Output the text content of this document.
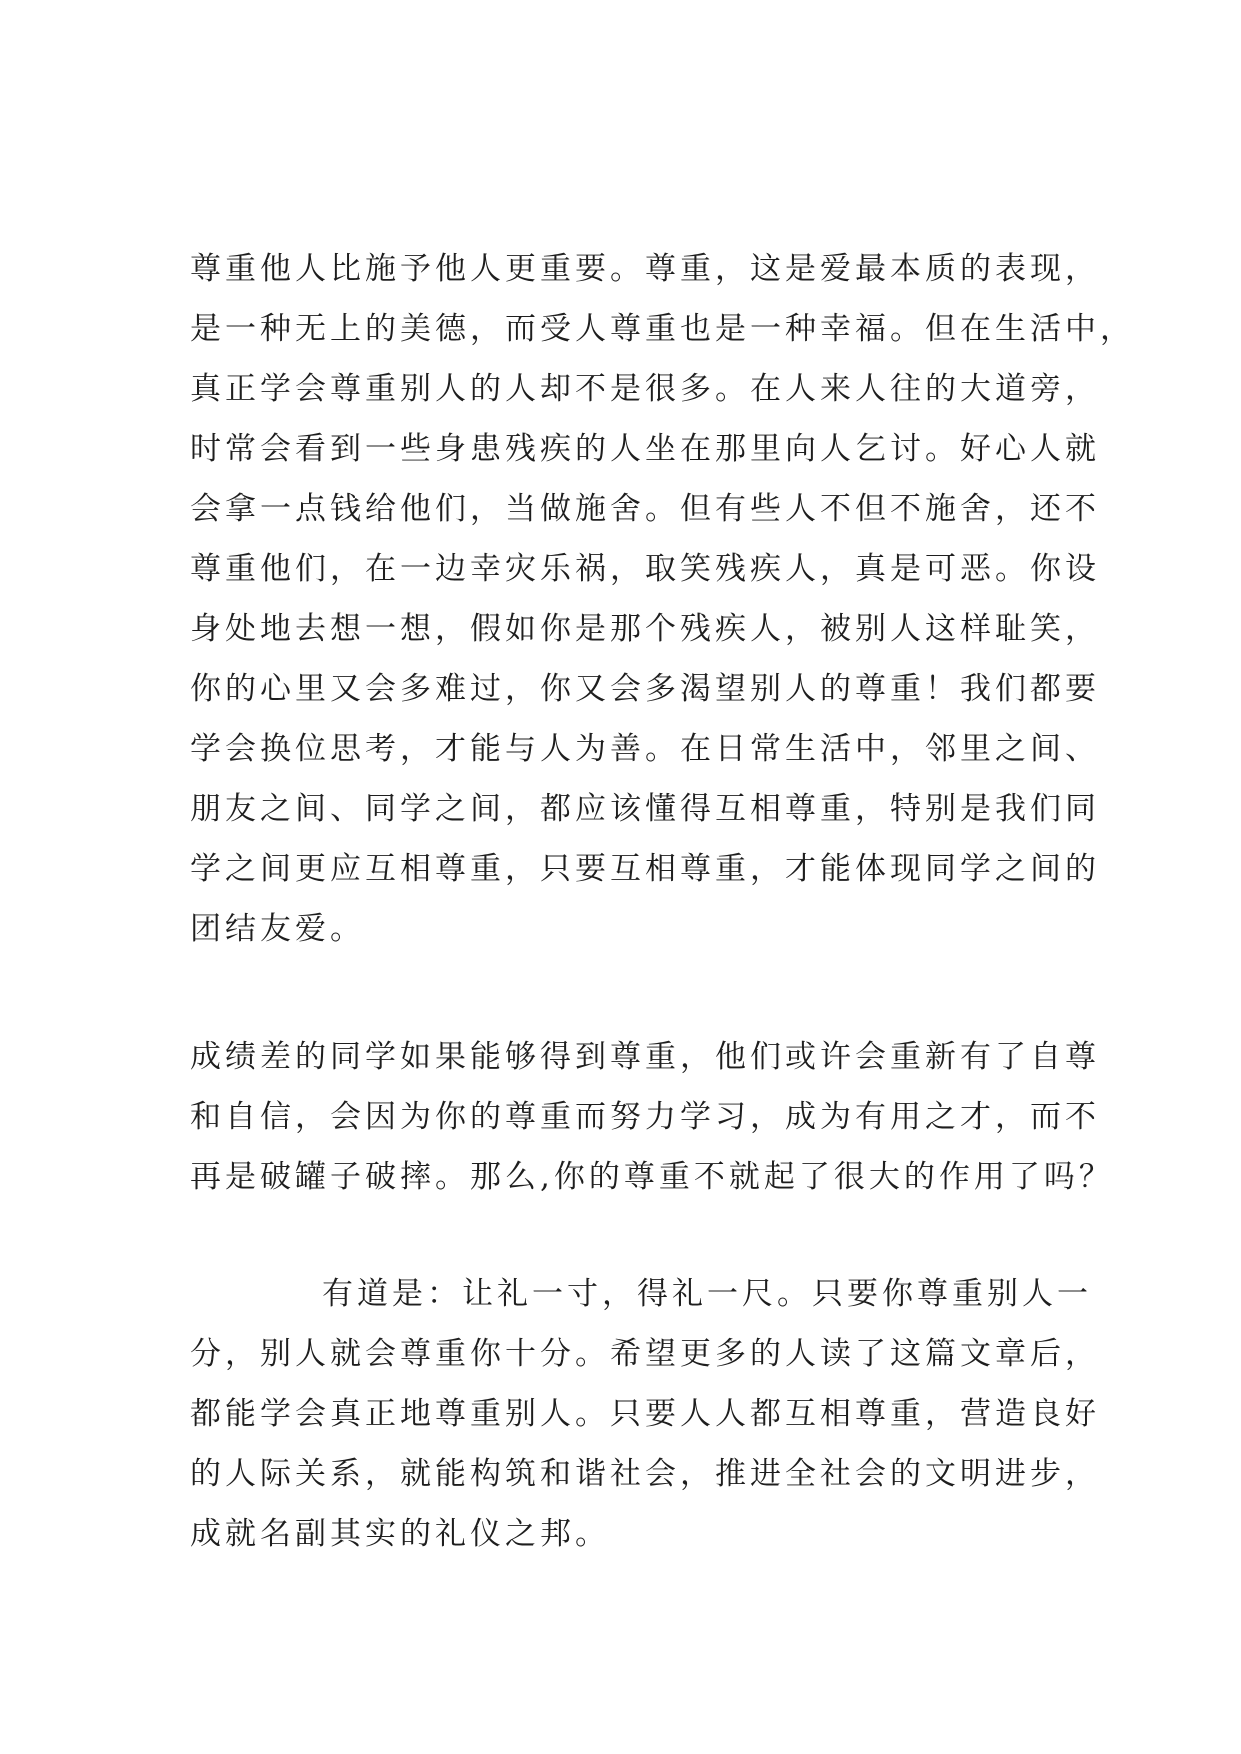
尊重他人比施予他人更重要。尊重，这是爱最本质的表现，
是一种无上的美德，而受人尊重也是一种幸福。但在生活中，
真正学会尊重别人的人却不是很多。在人来人往的大道旁，
时常会看到一些身患残疾的人坐在那里向人乞讨。好心人就
会拿一点钱给他们，当做施舍。但有些人不但不施舍，还不
尊重他们，在一边幸灾乐祸，取笑残疾人，真是可恶。你设
身处地去想一想，假如你是那个残疾人，被别人这样耻笑，
你的心里又会多难过，你又会多渴望别人的尊重！我们都要
学会换位思考，才能与人为善。在日常生活中，邻里之间、
朋友之间、同学之间，都应该懂得互相尊重，特别是我们同
学之间更应互相尊重，只要互相尊重，才能体现同学之间的
团结友爱。

成绩差的同学如果能够得到尊重，他们或许会重新有了自尊
和自信，会因为你的尊重而努力学习，成为有用之才，而不
再是破罐子破摔。那么,你的尊重不就起了很大的作用了吗？

有道是：让礼一寸，得礼一尺。只要你尊重别人一
分，别人就会尊重你十分。希望更多的人读了这篇文章后，
都能学会真正地尊重别人。只要人人都互相尊重，营造良好
的人际关系，就能构筑和谐社会，推进全社会的文明进步，
成就名副其实的礼仪之邦。
